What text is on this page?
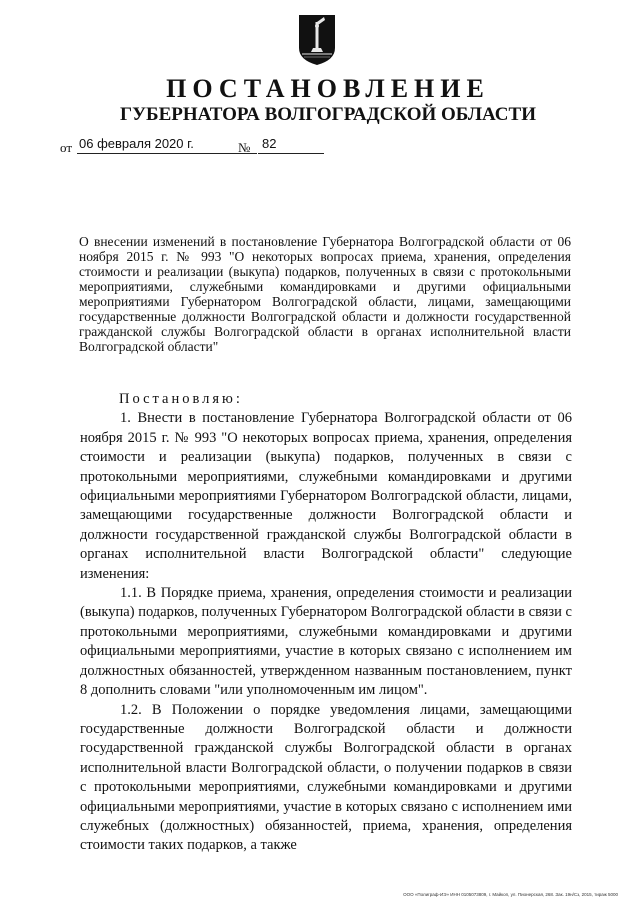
ПОСТАНОВЛЕНИЕ
ГУБЕРНАТОРА ВОЛГОГРАДСКОЙ ОБЛАСТИ
от 06 февраля 2020 г.	№ 82
О внесении изменений в постановление Губернатора Волгоградской области от 06 ноября 2015 г. № 993 "О некоторых вопросах приема, хранения, определения стоимости и реализации (выкупа) подарков, полученных в связи с протокольными мероприятиями, служебными командировками и другими официальными мероприятиями Губернатором Волгоградской области, лицами, замещающими государственные должности Волгоградской области и должности государственной гражданской службы Волгоградской области в органах исполнительной власти Волгоградской области"

Постановляю:

1. Внести в постановление Губернатора Волгоградской области от 06 ноября 2015 г. № 993 "О некоторых вопросах приема, хранения, определения стоимости и реализации (выкупа) подарков, полученных в связи с протокольными мероприятиями, служебными командировками и другими официальными мероприятиями Губернатором Волгоградской области, лицами, замещающими государственные должности Волгоградской области и должности государственной гражданской службы Волгоградской области в органах исполнительной власти Волгоградской области" следующие изменения:

1.1. В Порядке приема, хранения, определения стоимости и реализации (выкупа) подарков, полученных Губернатором Волгоградской области в связи с протокольными мероприятиями, служебными командировками и другими официальными мероприятиями, участие в которых связано с исполнением им должностных обязанностей, утвержденном названным постановлением, пункт 8 дополнить словами "или уполномоченным им лицом".

1.2. В Положении о порядке уведомления лицами, замещающими государственные должности Волгоградской области и должности государственной гражданской службы Волгоградской области в органах исполнительной власти Волгоградской области, о получении подарков в связи с протокольными мероприятиями, служебными командировками и другими официальными мероприятиями, участие в которых связано с исполнением ими служебных (должностных) обязанностей, приема, хранения, определения стоимости таких подарков, а также

ООО «Полиграф-ИЭ» ИНН 0105073809, г. Майкоп, ул. Пионерская, 268. Зак. 19н/Сз, 2015, тираж 5000
